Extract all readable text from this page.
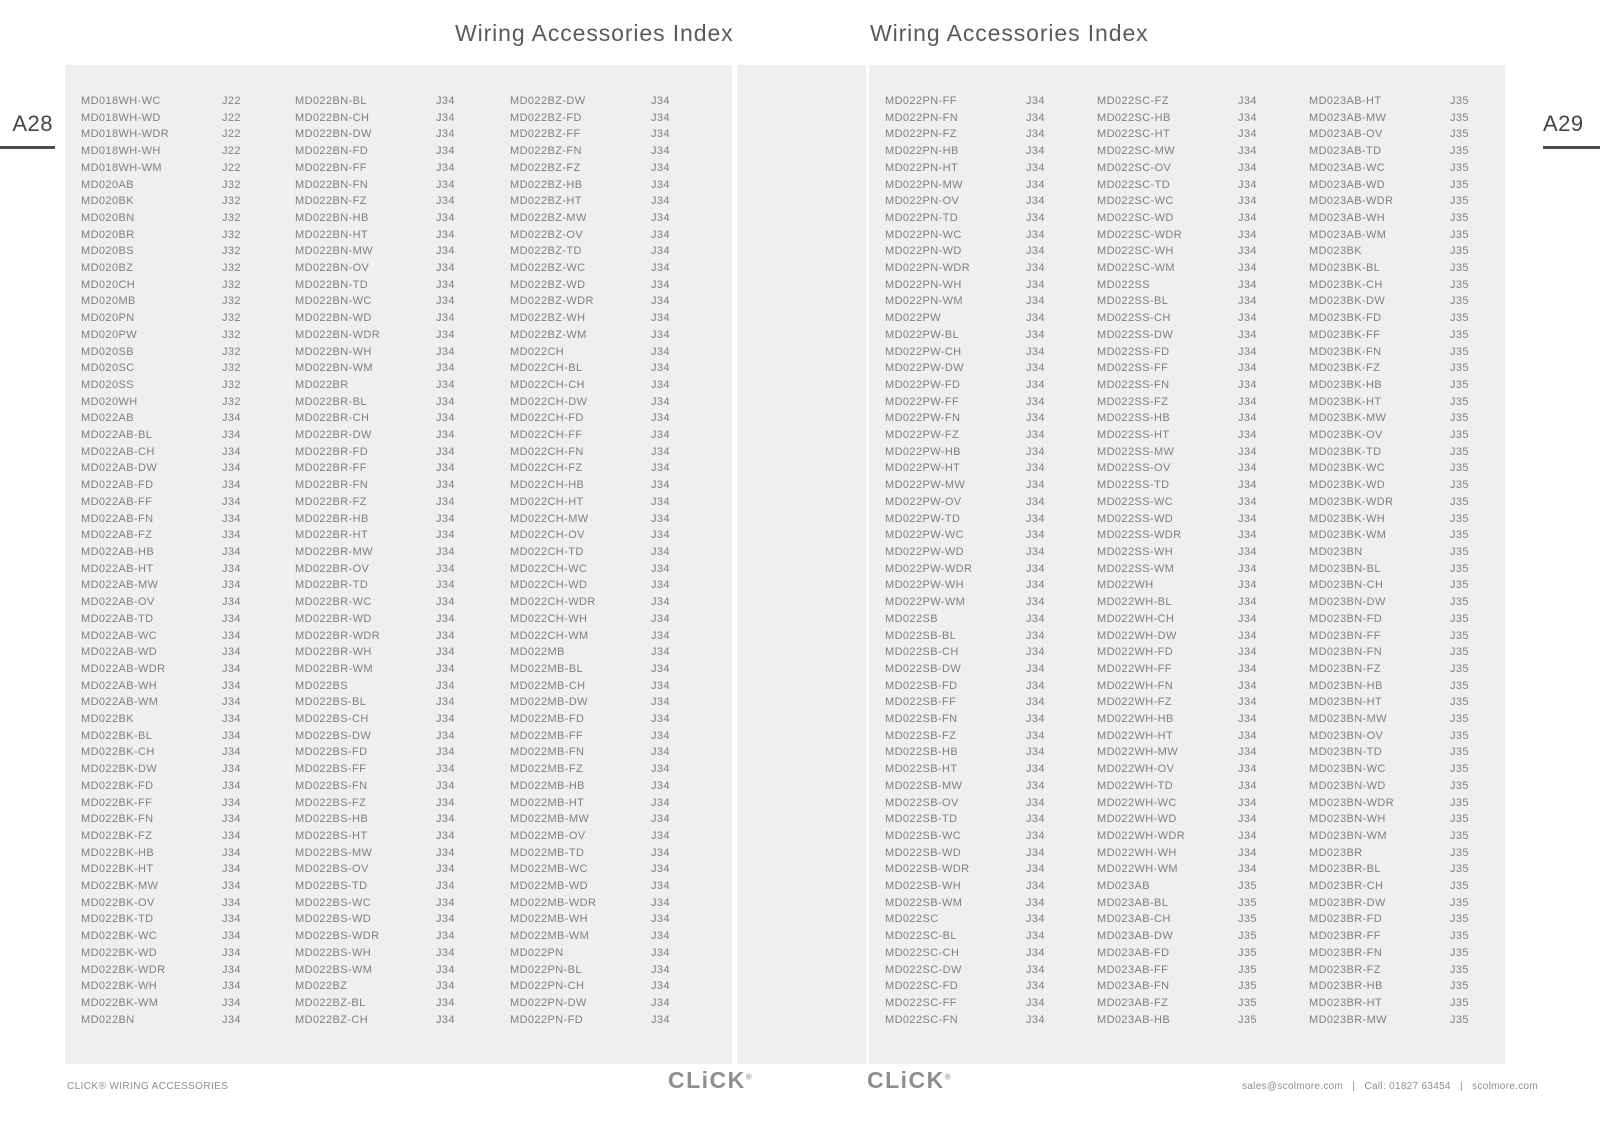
Wiring Accessories Index	Wiring Accessories Index
A28	A29
MD018WH-WC	J22
MD018WH-WD	J22
MD018WH-WDR	J22
MD018WH-WH	J22
MD018WH-WM	J22
MD020AB	J32
MD020BK	J32
MD020BN	J32
MD020BR	J32
MD020BS	J32
MD020BZ	J32
MD020CH	J32
MD020MB	J32
MD020PN	J32
MD020PW	J32
MD020SB	J32
MD020SC	J32
MD020SS	J32
MD020WH	J32
MD022AB	J34
MD022AB-BL	J34
MD022AB-CH	J34
MD022AB-DW	J34
MD022AB-FD	J34
MD022AB-FF	J34
MD022AB-FN	J34
MD022AB-FZ	J34
MD022AB-HB	J34
MD022AB-HT	J34
MD022AB-MW	J34
MD022AB-OV	J34
MD022AB-TD	J34
MD022AB-WC	J34
MD022AB-WD	J34
MD022AB-WDR	J34
MD022AB-WH	J34
MD022AB-WM	J34
MD022BK	J34
MD022BK-BL	J34
MD022BK-CH	J34
MD022BK-DW	J34
MD022BK-FD	J34
MD022BK-FF	J34
MD022BK-FN	J34
MD022BK-FZ	J34
MD022BK-HB	J34
MD022BK-HT	J34
MD022BK-MW	J34
MD022BK-OV	J34
MD022BK-TD	J34
MD022BK-WC	J34
MD022BK-WD	J34
MD022BK-WDR	J34
MD022BK-WH	J34
MD022BK-WM	J34
MD022BN	J34
MD022BN-BL	J34
MD022BN-CH	J34
MD022BN-DW	J34
MD022BN-FD	J34
MD022BN-FF	J34
MD022BN-FN	J34
MD022BN-FZ	J34
MD022BN-HB	J34
MD022BN-HT	J34
MD022BN-MW	J34
MD022BN-OV	J34
MD022BN-TD	J34
MD022BN-WC	J34
MD022BN-WD	J34
MD022BN-WDR	J34
MD022BN-WH	J34
MD022BN-WM	J34
MD022BR	J34
MD022BR-BL	J34
MD022BR-CH	J34
MD022BR-DW	J34
MD022BR-FD	J34
MD022BR-FF	J34
MD022BR-FN	J34
MD022BR-FZ	J34
MD022BR-HB	J34
MD022BR-HT	J34
MD022BR-MW	J34
MD022BR-OV	J34
MD022BR-TD	J34
MD022BR-WC	J34
MD022BR-WD	J34
MD022BR-WDR	J34
MD022BR-WH	J34
MD022BR-WM	J34
MD022BS	J34
MD022BS-BL	J34
MD022BS-CH	J34
MD022BS-DW	J34
MD022BS-FD	J34
MD022BS-FF	J34
MD022BS-FN	J34
MD022BS-FZ	J34
MD022BS-HB	J34
MD022BS-HT	J34
MD022BS-MW	J34
MD022BS-OV	J34
MD022BS-TD	J34
MD022BS-WC	J34
MD022BS-WD	J34
MD022BS-WDR	J34
MD022BS-WH	J34
MD022BS-WM	J34
MD022BZ	J34
MD022BZ-BL	J34
MD022BZ-CH	J34
MD022BZ-DW	J34
MD022BZ-FD	J34
MD022BZ-FF	J34
MD022BZ-FN	J34
MD022BZ-FZ	J34
MD022BZ-HB	J34
MD022BZ-HT	J34
MD022BZ-MW	J34
MD022BZ-OV	J34
MD022BZ-TD	J34
MD022BZ-WC	J34
MD022BZ-WD	J34
MD022BZ-WDR	J34
MD022BZ-WH	J34
MD022BZ-WM	J34
MD022CH	J34
MD022CH-BL	J34
MD022CH-CH	J34
MD022CH-DW	J34
MD022CH-FD	J34
MD022CH-FF	J34
MD022CH-FN	J34
MD022CH-FZ	J34
MD022CH-HB	J34
MD022CH-HT	J34
MD022CH-MW	J34
MD022CH-OV	J34
MD022CH-TD	J34
MD022CH-WC	J34
MD022CH-WD	J34
MD022CH-WDR	J34
MD022CH-WH	J34
MD022CH-WM	J34
MD022MB	J34
MD022MB-BL	J34
MD022MB-CH	J34
MD022MB-DW	J34
MD022MB-FD	J34
MD022MB-FF	J34
MD022MB-FN	J34
MD022MB-FZ	J34
MD022MB-HB	J34
MD022MB-HT	J34
MD022MB-MW	J34
MD022MB-OV	J34
MD022MB-TD	J34
MD022MB-WC	J34
MD022MB-WD	J34
MD022MB-WDR	J34
MD022MB-WH	J34
MD022MB-WM	J34
MD022PN	J34
MD022PN-BL	J34
MD022PN-CH	J34
MD022PN-DW	J34
MD022PN-FD	J34
MD022PN-FF	J34
MD022PN-FN	J34
MD022PN-FZ	J34
MD022PN-HB	J34
MD022PN-HT	J34
MD022PN-MW	J34
MD022PN-OV	J34
MD022PN-TD	J34
MD022PN-WC	J34
MD022PN-WD	J34
MD022PN-WDR	J34
MD022PN-WH	J34
MD022PN-WM	J34
MD022PW	J34
MD022PW-BL	J34
MD022PW-CH	J34
MD022PW-DW	J34
MD022PW-FD	J34
MD022PW-FF	J34
MD022PW-FN	J34
MD022PW-FZ	J34
MD022PW-HB	J34
MD022PW-HT	J34
MD022PW-MW	J34
MD022PW-OV	J34
MD022PW-TD	J34
MD022PW-WC	J34
MD022PW-WD	J34
MD022PW-WDR	J34
MD022PW-WH	J34
MD022PW-WM	J34
MD022SB	J34
MD022SB-BL	J34
MD022SB-CH	J34
MD022SB-DW	J34
MD022SB-FD	J34
MD022SB-FF	J34
MD022SB-FN	J34
MD022SB-FZ	J34
MD022SB-HB	J34
MD022SB-HT	J34
MD022SB-MW	J34
MD022SB-OV	J34
MD022SB-TD	J34
MD022SB-WC	J34
MD022SB-WD	J34
MD022SB-WDR	J34
MD022SB-WH	J34
MD022SB-WM	J34
MD022SC	J34
MD022SC-BL	J34
MD022SC-CH	J34
MD022SC-DW	J34
MD022SC-FD	J34
MD022SC-FF	J34
MD022SC-FN	J34
MD022SC-FZ	J34
MD022SC-HB	J34
MD022SC-HT	J34
MD022SC-MW	J34
MD022SC-OV	J34
MD022SC-TD	J34
MD022SC-WC	J34
MD022SC-WD	J34
MD022SC-WDR	J34
MD022SC-WH	J34
MD022SC-WM	J34
MD022SS	J34
MD022SS-BL	J34
MD022SS-CH	J34
MD022SS-DW	J34
MD022SS-FD	J34
MD022SS-FF	J34
MD022SS-FN	J34
MD022SS-FZ	J34
MD022SS-HB	J34
MD022SS-HT	J34
MD022SS-MW	J34
MD022SS-OV	J34
MD022SS-TD	J34
MD022SS-WC	J34
MD022SS-WD	J34
MD022SS-WDR	J34
MD022SS-WH	J34
MD022SS-WM	J34
MD022WH	J34
MD022WH-BL	J34
MD022WH-CH	J34
MD022WH-DW	J34
MD022WH-FD	J34
MD022WH-FF	J34
MD022WH-FN	J34
MD022WH-FZ	J34
MD022WH-HB	J34
MD022WH-HT	J34
MD022WH-MW	J34
MD022WH-OV	J34
MD022WH-TD	J34
MD022WH-WC	J34
MD022WH-WD	J34
MD022WH-WDR	J34
MD022WH-WH	J34
MD022WH-WM	J34
MD023AB	J35
MD023AB-BL	J35
MD023AB-CH	J35
MD023AB-DW	J35
MD023AB-FD	J35
MD023AB-FF	J35
MD023AB-FN	J35
MD023AB-FZ	J35
MD023AB-HB	J35
MD023AB-HT	J35
MD023AB-MW	J35
MD023AB-OV	J35
MD023AB-TD	J35
MD023AB-WC	J35
MD023AB-WD	J35
MD023AB-WDR	J35
MD023AB-WH	J35
MD023AB-WM	J35
MD023BK	J35
MD023BK-BL	J35
MD023BK-CH	J35
MD023BK-DW	J35
MD023BK-FD	J35
MD023BK-FF	J35
MD023BK-FN	J35
MD023BK-FZ	J35
MD023BK-HB	J35
MD023BK-HT	J35
MD023BK-MW	J35
MD023BK-OV	J35
MD023BK-TD	J35
MD023BK-WC	J35
MD023BK-WD	J35
MD023BK-WDR	J35
MD023BK-WH	J35
MD023BK-WM	J35
MD023BN	J35
MD023BN-BL	J35
MD023BN-CH	J35
MD023BN-DW	J35
MD023BN-FD	J35
MD023BN-FF	J35
MD023BN-FN	J35
MD023BN-FZ	J35
MD023BN-HB	J35
MD023BN-HT	J35
MD023BN-MW	J35
MD023BN-OV	J35
MD023BN-TD	J35
MD023BN-WC	J35
MD023BN-WD	J35
MD023BN-WDR	J35
MD023BN-WH	J35
MD023BN-WM	J35
MD023BR	J35
MD023BR-BL	J35
MD023BR-CH	J35
MD023BR-DW	J35
MD023BR-FD	J35
MD023BR-FF	J35
MD023BR-FN	J35
MD023BR-FZ	J35
MD023BR-HB	J35
MD023BR-HT	J35
MD023BR-MW	J35
CLICK® WIRING ACCESSORIES	CLiCK®	CLiCK®
sales@scolmore.com   |   Call: 01827 63454   |   scolmore.com
